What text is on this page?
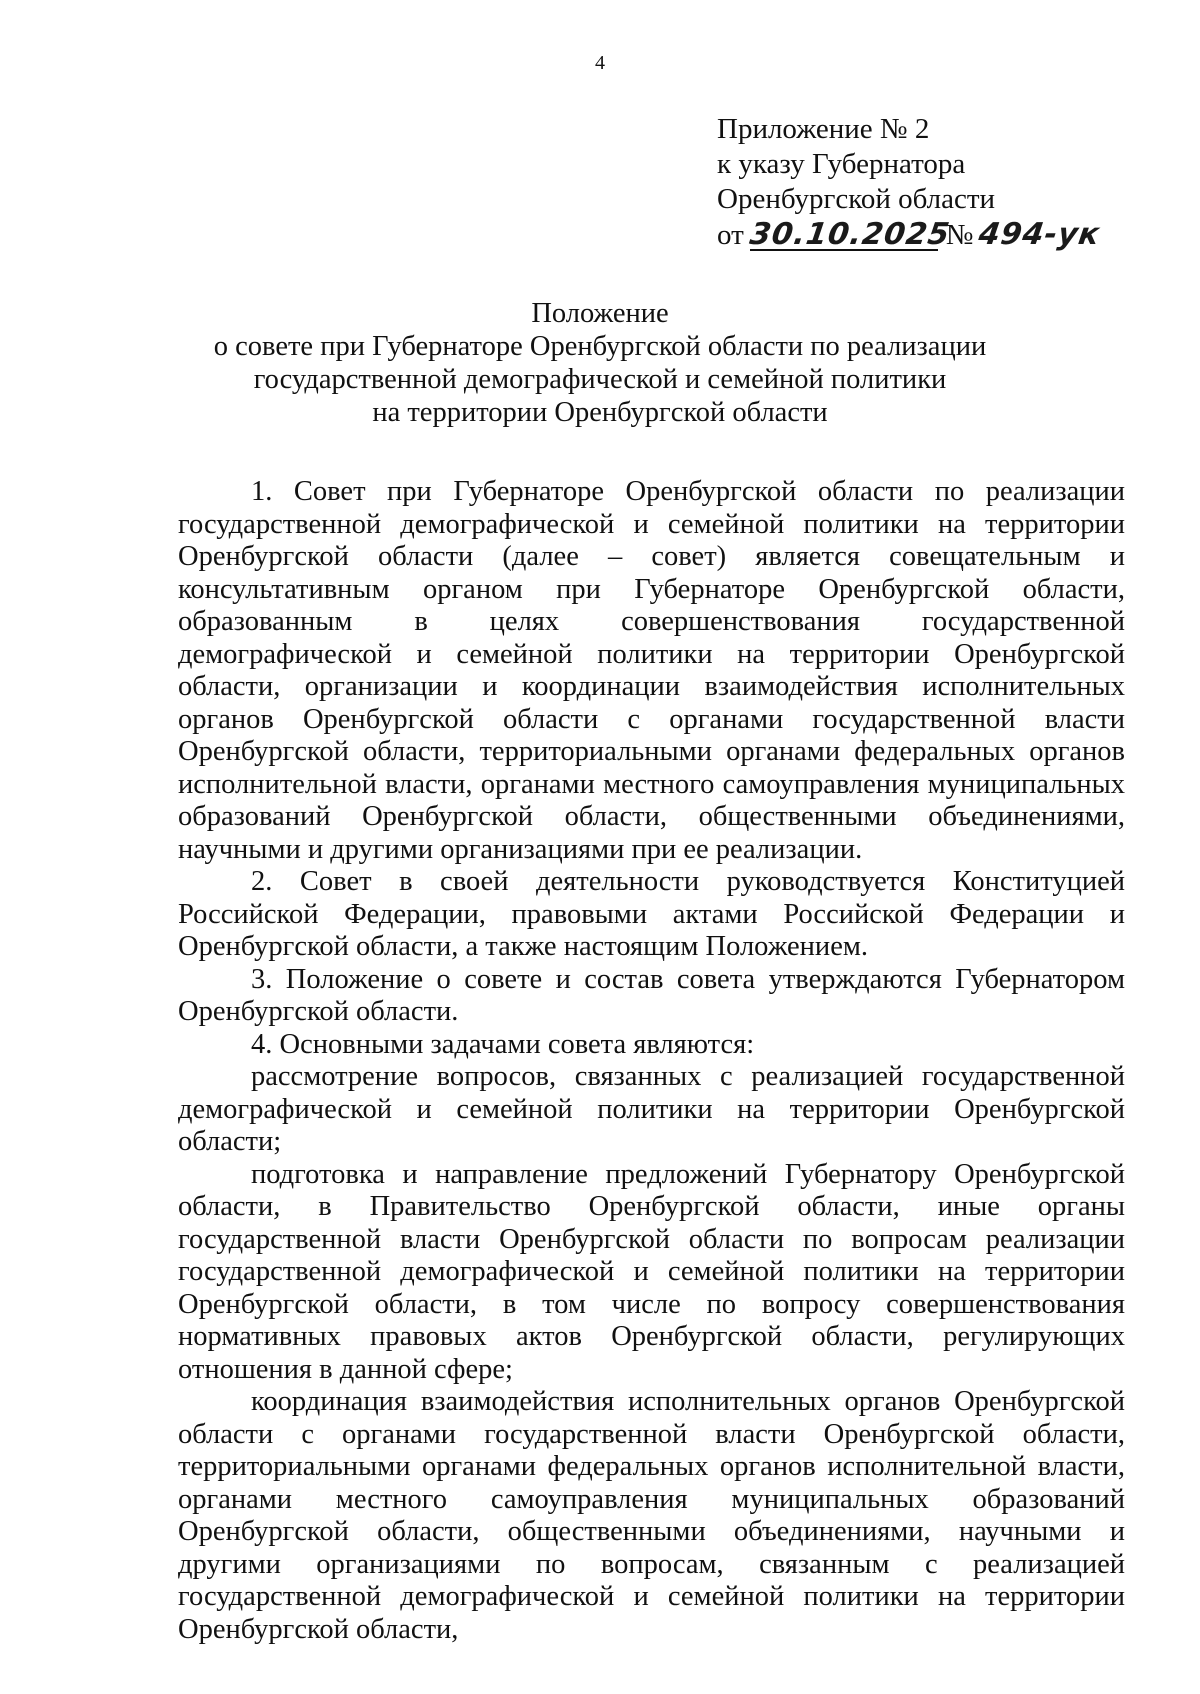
4
Приложение № 2
к указу Губернатора
Оренбургской области
от 30.10.2025№ 494-ук
Положение
о совете при Губернаторе Оренбургской области по реализации
государственной демографической и семейной политики
на территории Оренбургской области

1. Совет при Губернаторе Оренбургской области по реализации государственной демографической и семейной политики на территории Оренбургской области (далее – совет) является совещательным и консультативным органом при Губернаторе Оренбургской области, образованным в целях совершенствования государственной демографической и семейной политики на территории Оренбургской области, организации и координации взаимодействия исполнительных органов Оренбургской области с органами государственной власти Оренбургской области, территориальными органами федеральных органов исполнительной власти, органами местного самоуправления муниципальных образований Оренбургской области, общественными объединениями, научными и другими организациями при ее реализации.

2. Совет в своей деятельности руководствуется Конституцией Российской Федерации, правовыми актами Российской Федерации и Оренбургской области, а также настоящим Положением.

3. Положение о совете и состав совета утверждаются Губернатором Оренбургской области.

4. Основными задачами совета являются:

рассмотрение вопросов, связанных с реализацией государственной демографической и семейной политики на территории Оренбургской области;

подготовка и направление предложений Губернатору Оренбургской области, в Правительство Оренбургской области, иные органы государственной власти Оренбургской области по вопросам реализации государственной демографической и семейной политики на территории Оренбургской области, в том числе по вопросу совершенствования нормативных правовых актов Оренбургской области, регулирующих отношения в данной сфере;

координация взаимодействия исполнительных органов Оренбургской области с органами государственной власти Оренбургской области, территориальными органами федеральных органов исполнительной власти, органами местного самоуправления муниципальных образований Оренбургской области, общественными объединениями, научными и другими организациями по вопросам, связанным с реализацией государственной демографической и семейной политики на территории Оренбургской области,
